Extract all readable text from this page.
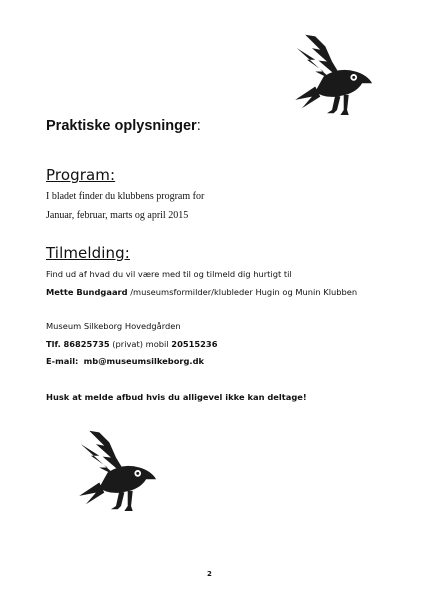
Praktiske oplysninger:
Program:
I bladet finder du klubbens program for
Januar, februar, marts og april 2015
Tilmelding:
Find ud af hvad du vil være med til og tilmeld dig hurtigt til
Mette Bundgaard /museumsformilder/klubleder Hugin og Munin Klubben
Museum Silkeborg Hovedgården
Tlf. 86825735 (privat) mobil 20515236
E-mail: mb@museumsilkeborg.dk
Husk at melde afbud hvis du alligevel ikke kan deltage!
2
